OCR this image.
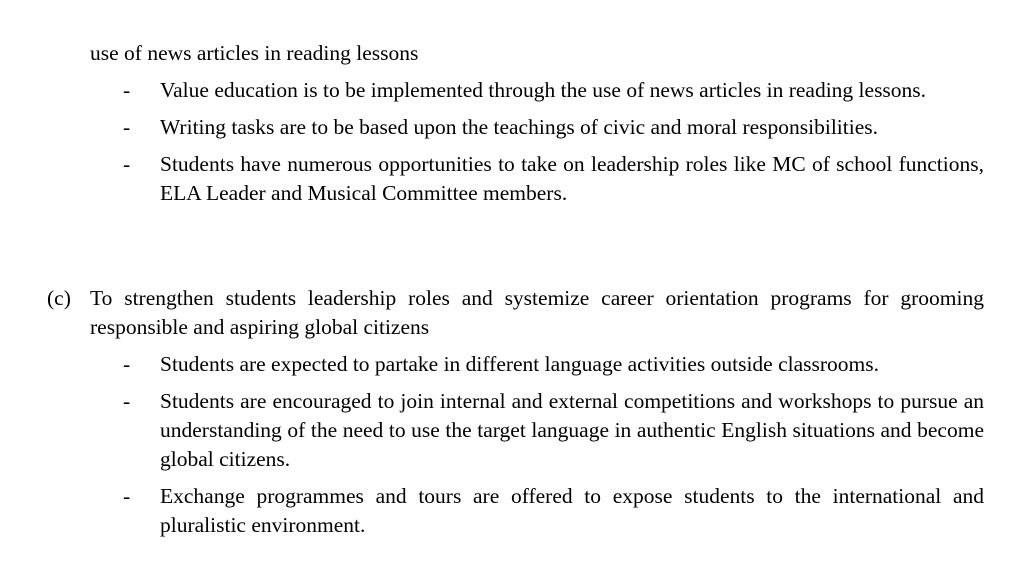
use of news articles in reading lessons
- Value education is to be implemented through the use of news articles in reading lessons.
- Writing tasks are to be based upon the teachings of civic and moral responsibilities.
- Students have numerous opportunities to take on leadership roles like MC of school functions, ELA Leader and Musical Committee members.
(c) To strengthen students leadership roles and systemize career orientation programs for grooming responsible and aspiring global citizens
- Students are expected to partake in different language activities outside classrooms.
- Students are encouraged to join internal and external competitions and workshops to pursue an understanding of the need to use the target language in authentic English situations and become global citizens.
- Exchange programmes and tours are offered to expose students to the international and pluralistic environment.
